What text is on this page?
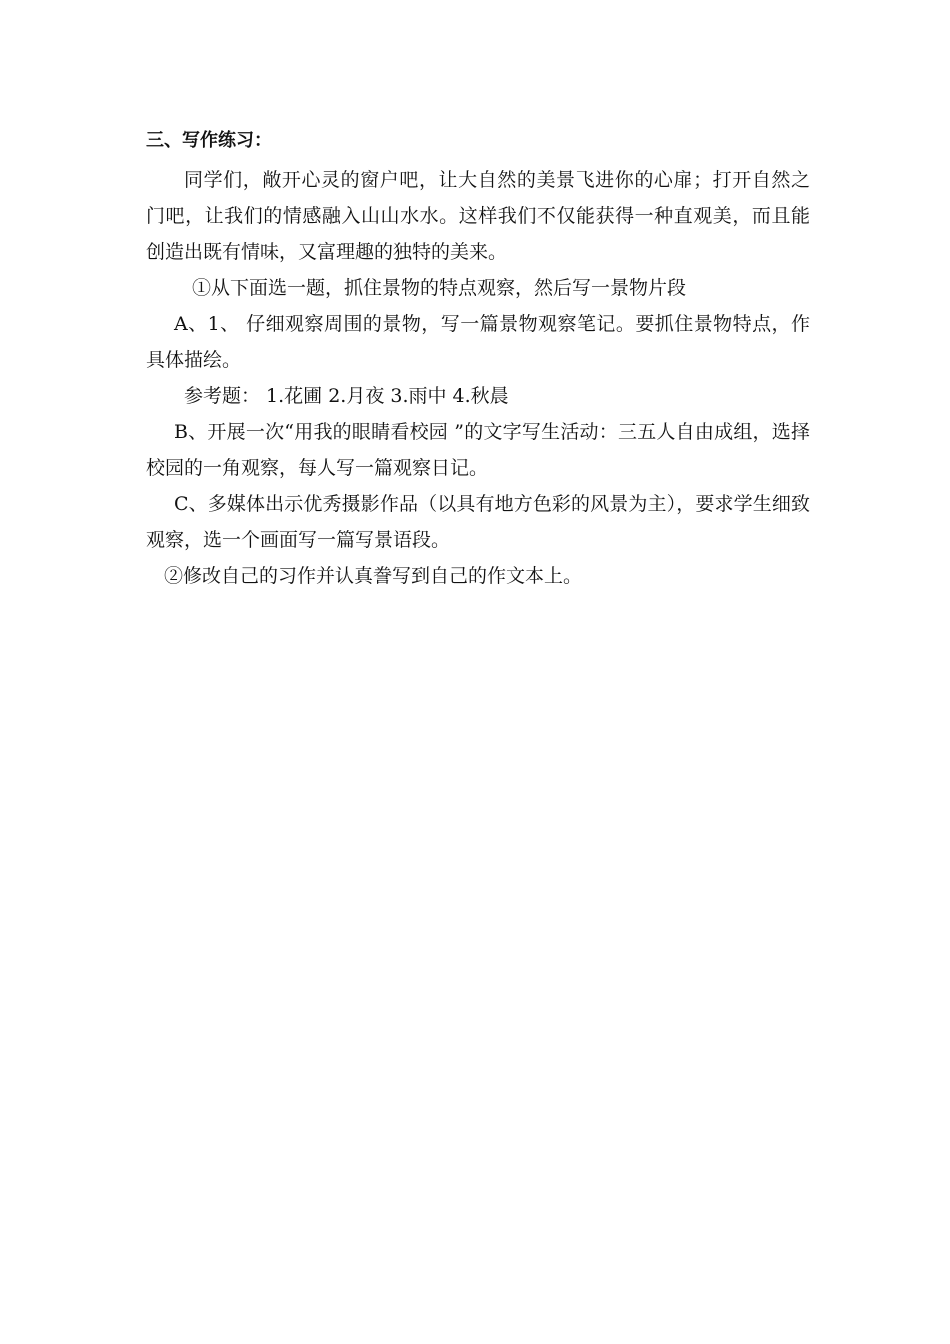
三、写作练习：
同学们，敞开心灵的窗户吧，让大自然的美景飞进你的心扉；打开自然之门吧，让我们的情感融入山山水水。这样我们不仅能获得一种直观美，而且能创造出既有情味，又富理趣的独特的美来。
①从下面选一题，抓住景物的特点观察，然后写一景物片段
A、1、 仔细观察周围的景物，写一篇景物观察笔记。要抓住景物特点，作具体描绘。
参考题： 1.花圃 2.月夜 3.雨中 4.秋晨
B、开展一次“用我的眼睛看校园 ”的文字写生活动：三五人自由成组，选择校园的一角观察，每人写一篇观察日记。
C、多媒体出示优秀摄影作品（以具有地方色彩的风景为主），要求学生细致观察，选一个画面写一篇写景语段。
②修改自己的习作并认真誊写到自己的作文本上。
